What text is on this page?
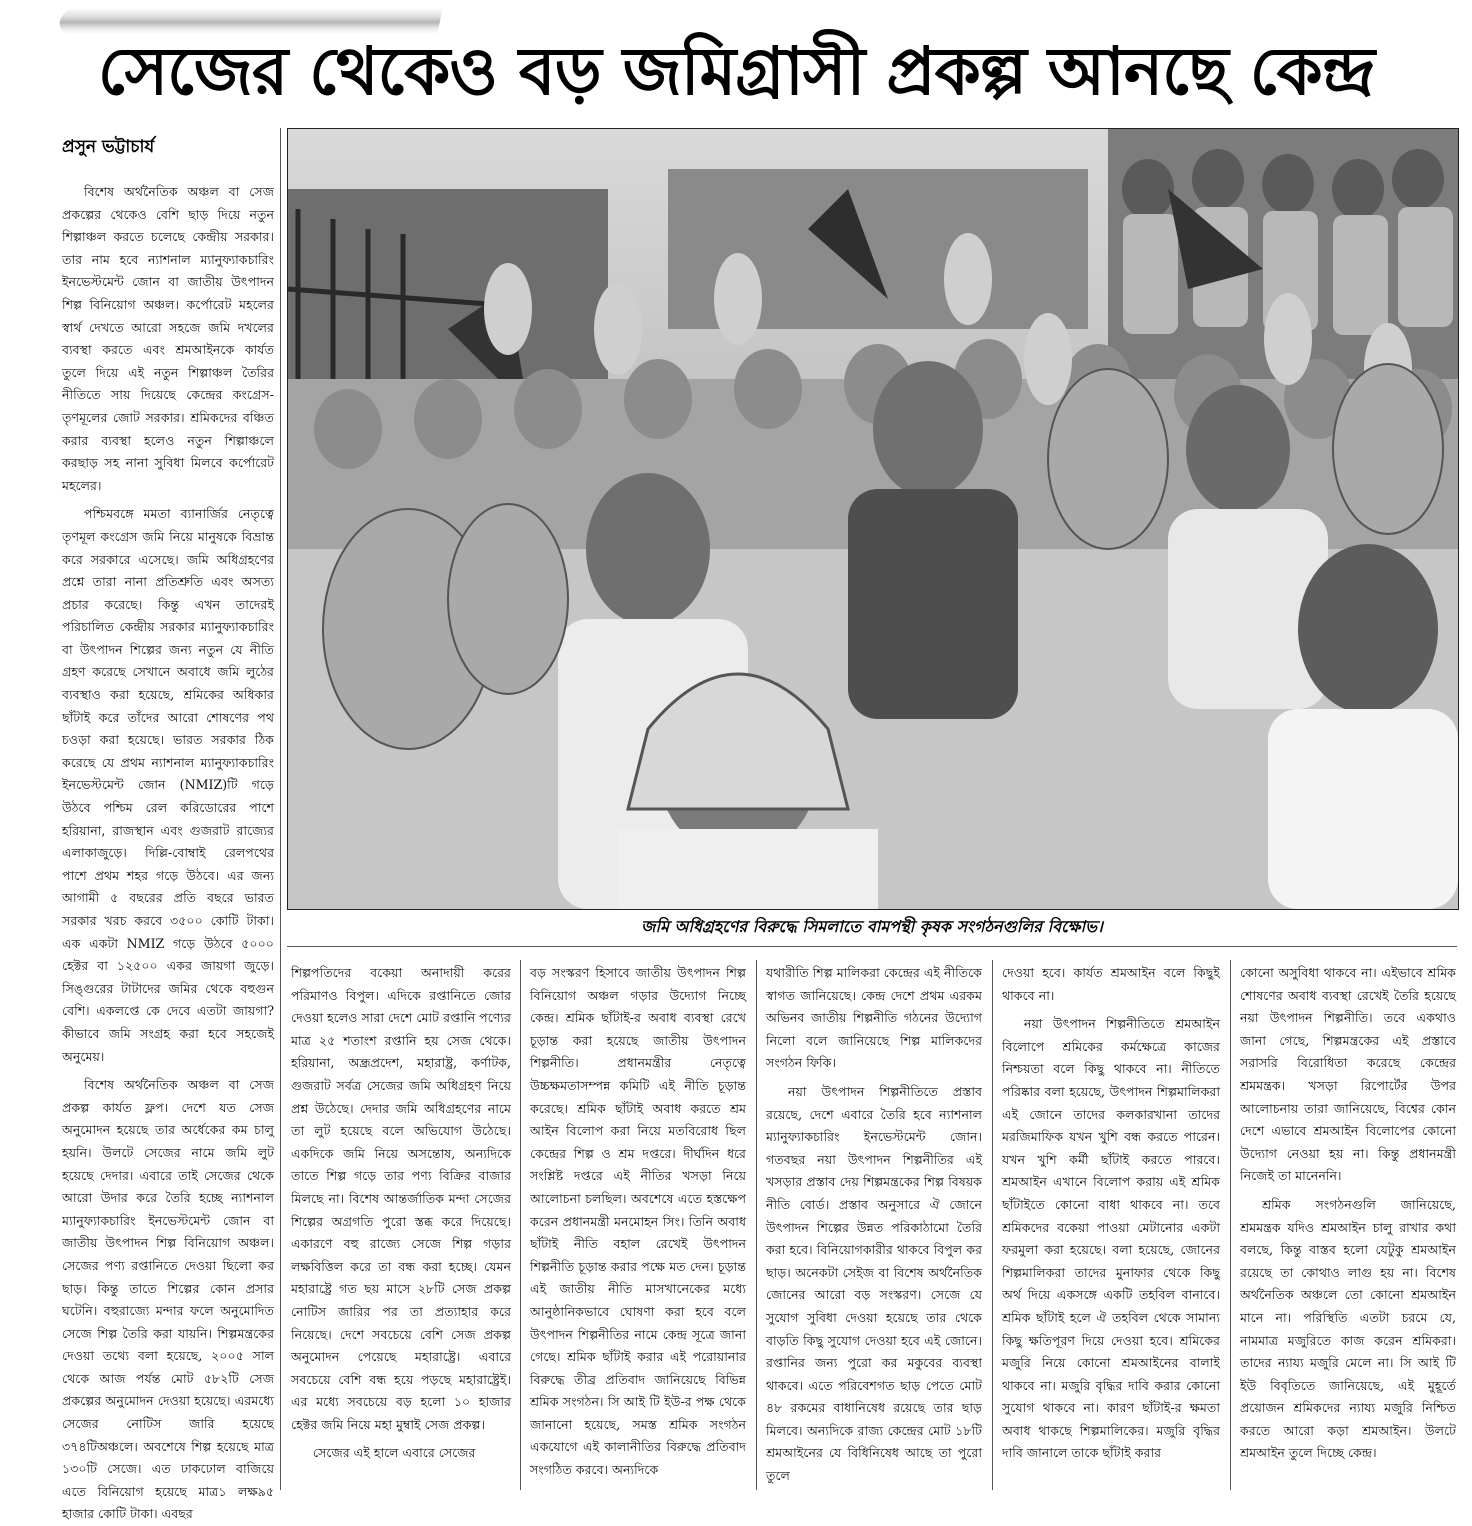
সেজের থেকেও বড় জমিগ্রাসী প্রকল্প আনছে কেন্দ্র
প্রসুন ভট্টাচার্য
জমি অধিগ্রহণের বিরুদ্ধে সিমলাতে বামপন্থী কৃষক সংগঠনগুলির বিক্ষোভ।

বিশেষ অর্থনৈতিক অঞ্চল বা সেজ প্রকল্পের থেকেও বেশি ছাড় দিয়ে নতুন শিল্পাঞ্চল করতে চলেছে কেন্দ্রীয় সরকার। তার নাম হবে ন্যাশনাল ম্যানুফ্যাকচারিং ইনভেস্টমেন্ট জোন বা জাতীয় উৎপাদন শিল্প বিনিয়োগ অঞ্চল। কর্পোরেট মহলের স্বার্থ দেখতে আরো সহজে জমি দখলের ব্যবস্থা করতে এবং শ্রমআইনকে কার্যত তুলে দিয়ে এই নতুন শিল্পাঞ্চল তৈরির নীতিতে সায় দিয়েছে কেন্দ্রের কংগ্রেস-তৃণমূলের জোট সরকার। শ্রমিকদের বঞ্চিত করার ব্যবস্থা হলেও নতুন শিল্পাঞ্চলে করছাড় সহ নানা সুবিধা মিলবে কর্পোরেট মহলের।

পশ্চিমবঙ্গে মমতা ব্যানার্জির নেতৃত্বে তৃণমূল কংগ্রেস জমি নিয়ে মানুষকে বিভ্রান্ত করে সরকারে এসেছে। জমি অধিগ্রহণের প্রশ্নে তারা নানা প্রতিশ্রুতি এবং অসত্য প্রচার করেছে। কিন্তু এখন তাদেরই পরিচালিত কেন্দ্রীয় সরকার ম্যানুফ্যাকচারিং বা উৎপাদন শিল্পের জন্য নতুন যে নীতি গ্রহণ করেছে সেখানে অবাধে জমি লুঠের ব্যবস্থাও করা হয়েছে, শ্রমিকের অধিকার ছাঁটাই করে তাঁদের আরো শোষণের পথ চওড়া করা হয়েছে। ভারত সরকার ঠিক করেছে যে প্রথম ন্যাশনাল ম্যানুফ্যাকচারিং ইনভেস্টমেন্ট জোন (NMIZ)টি গড়ে উঠবে পশ্চিম রেল করিডোরের পাশে হরিয়ানা, রাজস্থান এবং গুজরাট রাজ্যের এলাকাজুড়ে। দিল্লি-বোম্বাই রেলপথের পাশে প্রথম শহর গড়ে উঠবে। এর জন্য আগামী ৫ বছরের প্রতি বছরে ভারত সরকার খরচ করবে ৩৫০০ কোটি টাকা। এক একটা NMIZ গড়ে উঠবে ৫০০০ হেক্টর বা ১২৫০০ একর জায়গা জুড়ে। সিঙ্গুরের টাটাদের জমির থেকে বহুগুন বেশি। একলপ্তে কে দেবে এতটা জায়গা? কীভাবে জমি সংগ্রহ করা হবে সহজেই অনুমেয়।

বিশেষ অর্থনৈতিক অঞ্চল বা সেজ প্রকল্প কার্যত ফ্লপ। দেশে যত সেজ অনুমোদন হয়েছে তার অর্ধেকের কম চালু হয়নি। উলটে সেজের নামে জমি লুট হয়েছে দেদার। এবারে তাই সেজের থেকে আরো উদার করে তৈরি হচ্ছে ন্যাশনাল ম্যানুফ্যাকচারিং ইনভেস্টমেন্ট জোন বা জাতীয় উৎপাদন শিল্প বিনিয়োগ অঞ্চল। সেজের পণ্য রপ্তানিতে দেওয়া ছিলো কর ছাড়। কিন্তু তাতে শিল্পের কোন প্রসার ঘটেনি। বহুরাজ্যে মন্দার ফলে অনুমোদিত সেজে শিল্প তৈরি করা যায়নি। শিল্পমন্ত্রকের দেওয়া তথ্যে বলা হয়েছে, ২০০৫ সাল থেকে আজ পর্যন্ত মোট ৫৮২টি সেজ প্রকল্পের অনুমোদন দেওয়া হয়েছে। এরমধ্যে সেজের নোটিস জারি হয়েছে ৩৭৪টিঅঞ্চলে। অবশেষে শিল্প হয়েছে মাত্র ১৩০টি সেজে। এত ঢাকঢোল বাজিয়ে এতে বিনিয়োগ হয়েছে মাত্র১ লক্ষ৯৫ হাজার কোটি টাকা। এবছর

শিল্পপতিদের বকেয়া অনাদায়ী করের পরিমাণও বিপুল। এদিকে রপ্তানিতে জোর দেওয়া হলেও সারা দেশে মোট রপ্তানি পণ্যের মাত্র ২৫ শতাংশ রপ্তানি হয় সেজ থেকে। হরিয়ানা, অন্ধ্রপ্রদেশ, মহারাষ্ট্র, কর্ণাটক, গুজরাট সর্বত্র সেজের জমি অধিগ্রহণ নিয়ে প্রশ্ন উঠেছে। দেদার জমি অধিগ্রহণের নামে তা লুট হয়েছে বলে অভিযোগ উঠেছে। একদিকে জমি নিয়ে অসন্তোষ, অন্যদিকে তাতে শিল্প গড়ে তার পণ্য বিক্রির বাজার মিলছে না। বিশেষ আন্তর্জাতিক মন্দা সেজের শিল্পের অগ্রগতি পুরো স্তব্ধ করে দিয়েছে। একারণে বহু রাজ্যে সেজে শিল্প গড়ার লক্ষবিত্তিল করে তা বন্ধ করা হচ্ছে। যেমন মহারাষ্ট্রে গত ছয় মাসে ২৮টি সেজ প্রকল্প নোটিস জারির পর তা প্রত্যাহার করে নিয়েছে। দেশে সবচেয়ে বেশি সেজ প্রকল্প অনুমোদন পেয়েছে মহারাষ্ট্রে। এবারে সবচেয়ে বেশি বন্ধ হয়ে পড়ছে মহারাষ্ট্রেই। এর মধ্যে সবচেয়ে বড় হলো ১০ হাজার হেক্টর জমি নিয়ে মহা মুম্বাই সেজ প্রকল্প।

সেজের এই হালে এবারে সেজের

বড় সংস্করণ হিসাবে জাতীয় উৎপাদন শিল্প বিনিয়োগ অঞ্চল গড়ার উদ্যোগ নিচ্ছে কেন্দ্র। শ্রমিক ছাঁটাই-র অবাধ ব্যবস্থা রেখে চূড়ান্ত করা হয়েছে জাতীয় উৎপাদন শিল্পনীতি। প্রধানমন্ত্রীর নেতৃত্বে উচ্চক্ষমতাসম্পন্ন কমিটি এই নীতি চূড়ান্ত করেছে। শ্রমিক ছাঁটাই অবাধ করতে শ্রম আইন বিলোপ করা নিয়ে মতবিরোধ ছিল কেন্দ্রের শিল্প ও শ্রম দপ্তরে। দীর্ঘদিন ধরে সংশ্লিষ্ট দপ্তরে এই নীতির খসড়া নিয়ে আলোচনা চলছিল। অবশেষে এতে হস্তক্ষেপ করেন প্রধানমন্ত্রী মনমোহন সিং। তিনি অবাধ ছাঁটাই নীতি বহাল রেখেই উৎপাদন শিল্পনীতি চূড়ান্ত করার পক্ষে মত দেন। চূড়ান্ত এই জাতীয় নীতি মাসখানেকের মধ্যে আনুষ্ঠানিকভাবে ঘোষণা করা হবে বলে উৎপাদন শিল্পনীতির নামে কেন্দ্র সূত্রে জানা গেছে। শ্রমিক ছাঁটাই করার এই পরোয়ানার বিরুদ্ধে তীব্র প্রতিবাদ জানিয়েছে বিভিন্ন শ্রমিক সংগঠন। সি আই টি ইউ-র পক্ষ থেকে জানানো হয়েছে, সমস্ত শ্রমিক সংগঠন একযোগে এই কালানীতির বিরুদ্ধে প্রতিবাদ সংগঠিত করবে। অন্যদিকে

যথারীতি শিল্প মালিকরা কেন্দ্রের এই নীতিকে স্বাগত জানিয়েছে। কেন্দ্র দেশে প্রথম এরকম অভিনব জাতীয় শিল্পনীতি গঠনের উদ্যোগ নিলো বলে জানিয়েছে শিল্প মালিকদের সংগঠন ফিকি।

নয়া উৎপাদন শিল্পনীতিতে প্রস্তাব রয়েছে, দেশে এবারে তৈরি হবে ন্যাশনাল ম্যানুফ্যাকচারিং ইনভেস্টমেন্ট জোন। গতবছর নয়া উৎপাদন শিল্পনীতির এই খসড়ার প্রস্তাব দেয় শিল্পমন্ত্রকের শিল্প বিষয়ক নীতি বোর্ড। প্রস্তাব অনুসারে ঐ জোনে উৎপাদন শিল্পের উন্নত পরিকাঠামো তৈরি করা হবে। বিনিয়োগকারীর থাকবে বিপুল কর ছাড়। অনেকটা সেইজ বা বিশেষ অর্থনৈতিক জোনের আরো বড় সংস্করণ। সেজে যে সুযোগ সুবিধা দেওয়া হয়েছে তার থেকে বাড়তি কিছু সুযোগ দেওয়া হবে এই জোনে। রপ্তানির জন্য পুরো কর মকুবের ব্যবস্থা থাকবে। এতে পরিবেশগত ছাড় পেতে মোট ৪৮ রকমের বাধানিষেধ রয়েছে তার ছাড় মিলবে। অন্যদিকে রাজ্য কেন্দ্রের মোট ১৮টি শ্রমআইনের যে বিধিনিষেধ আছে তা পুরো তুলে

দেওয়া হবে। কার্যত শ্রমআইন বলে কিছুই থাকবে না।

নয়া উৎপাদন শিল্পনীতিতে শ্রমআইন বিলোপে শ্রমিকের কর্মক্ষেত্রে কাজের নিশ্চয়তা বলে কিছু থাকবে না। নীতিতে পরিষ্কার বলা হয়েছে, উৎপাদন শিল্পমালিকরা এই জোনে তাদের কলকারখানা তাদের মরজিমাফিক যখন খুশি বন্ধ করতে পারেন। যখন খুশি কর্মী ছাঁটাই করতে পারবে। শ্রমআইন এখানে বিলোপ করায় এই শ্রমিক ছাঁটাইতে কোনো বাধা থাকবে না। তবে শ্রমিকদের বকেয়া পাওয়া মেটানোর একটা ফরমুলা করা হয়েছে। বলা হয়েছে, জোনের শিল্পমালিকরা তাদের মুনাফার থেকে কিছু অর্থ দিয়ে একসঙ্গে একটি তহবিল বানাবে। শ্রমিক ছাঁটাই হলে ঐ তহবিল থেকে সামান্য কিছু ক্ষতিপূরণ দিয়ে দেওয়া হবে। শ্রমিকের মজুরি নিয়ে কোনো শ্রমআইনের বালাই থাকবে না। মজুরি বৃদ্ধির দাবি করার কোনো সুযোগ থাকবে না। কারণ ছাঁটাই-র ক্ষমতা অবাধ থাকছে শিল্পমালিকের। মজুরি বৃদ্ধির দাবি জানালে তাকে ছাঁটাই করার

কোনো অসুবিধা থাকবে না। এইভাবে শ্রমিক শোষণের অবাধ ব্যবস্থা রেখেই তৈরি হয়েছে নয়া উৎপাদন শিল্পনীতি। তবে একথাও জানা গেছে, শিল্পমন্ত্রকের এই প্রস্তাবে সরাসরি বিরোধিতা করেছে কেন্দ্রের শ্রমমন্ত্রক। খসড়া রিপোর্টের উপর আলোচনায় তারা জানিয়েছে, বিশ্বের কোন দেশে এভাবে শ্রমআইন বিলোপের কোনো উদ্যোগ নেওয়া হয় না। কিন্তু প্রধানমন্ত্রী নিজেই তা মানেননি।

শ্রমিক সংগঠনগুলি জানিয়েছে, শ্রমমন্ত্রক যদিও শ্রমআইন চালু রাখার কথা বলছে, কিন্তু বাস্তব হলো যেটুকু শ্রমআইন রয়েছে তা কোথাও লাগু হয় না। বিশেষ অর্থনৈতিক অঞ্চলে তো কোনো শ্রমআইন মানে না। পরিস্থিতি এতটা চরমে যে, নামমাত্র মজুরিতে কাজ করেন শ্রমিকরা। তাদের ন্যায্য মজুরি মেলে না। সি আই টি ইউ বিবৃতিতে জানিয়েছে, এই মুহূর্তে প্রয়োজন শ্রমিকদের ন্যায্য মজুরি নিশ্চিত করতে আরো কড়া শ্রমআইন। উলটে শ্রমআইন তুলে দিচ্ছে কেন্দ্র।
